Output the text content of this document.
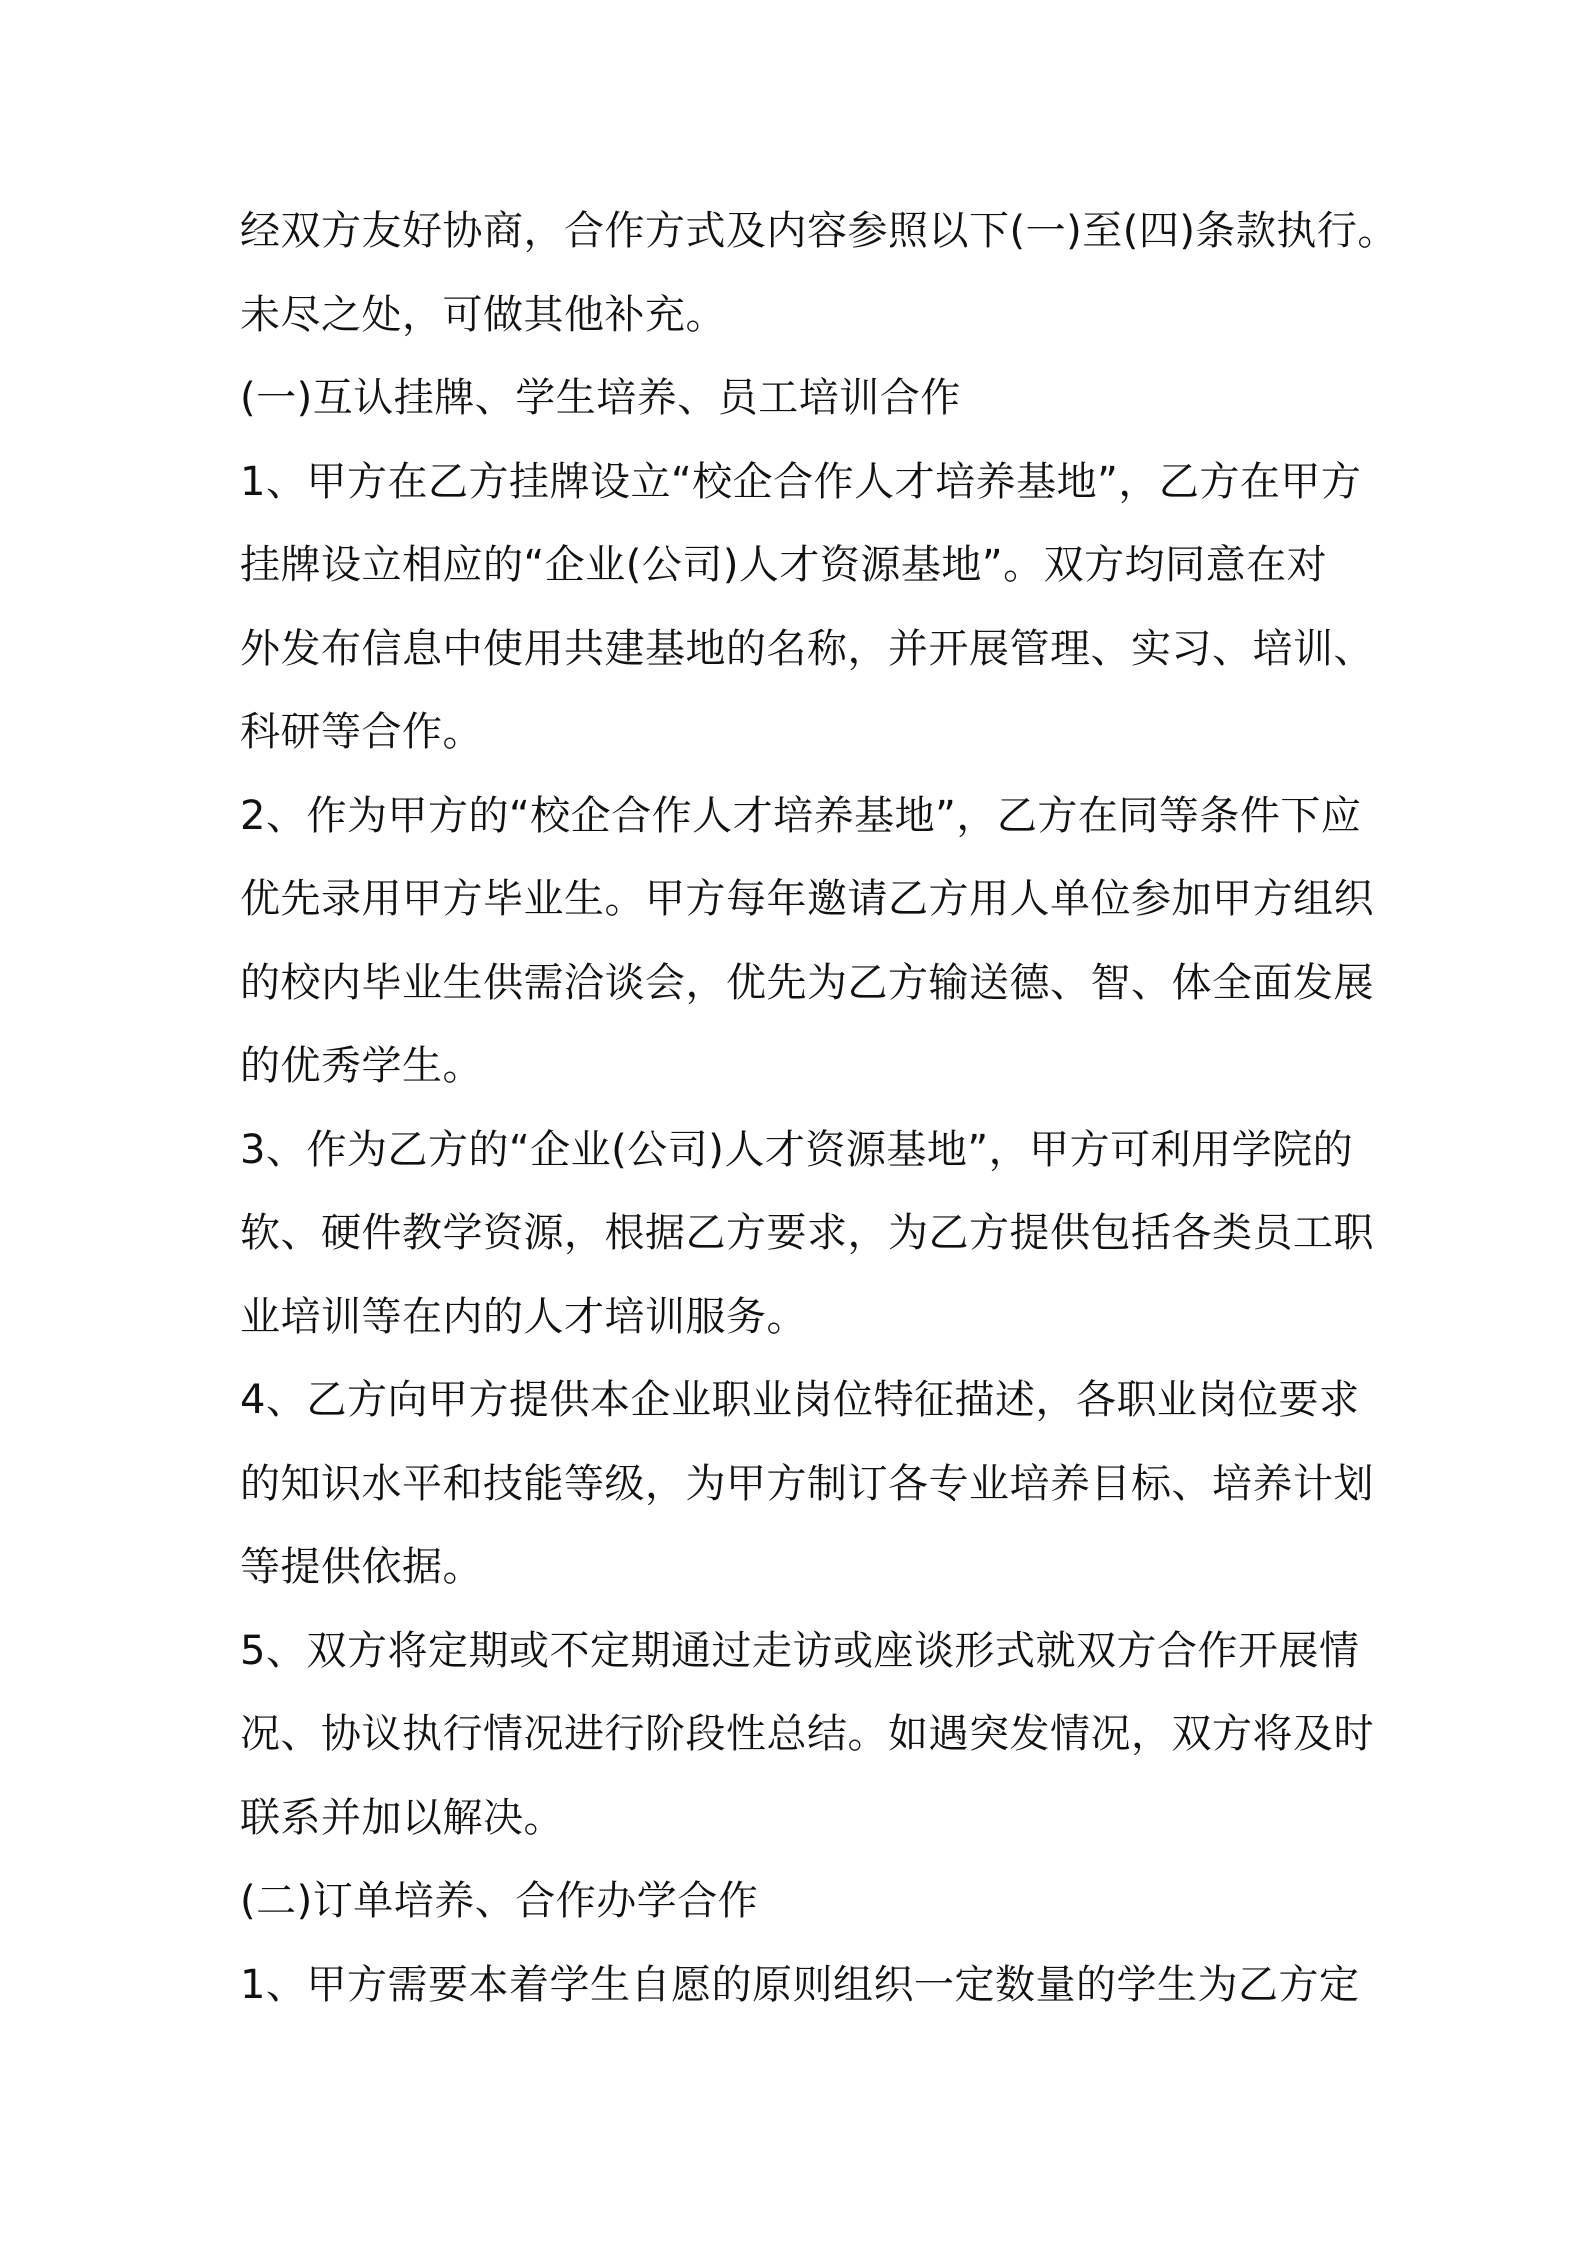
经双方友好协商，合作方式及内容参照以下(一)至(四)条款执行。
未尽之处，可做其他补充。
(一)互认挂牌、学生培养、员工培训合作
1、甲方在乙方挂牌设立“校企合作人才培养基地”，乙方在甲方
挂牌设立相应的“企业(公司)人才资源基地”。双方均同意在对
外发布信息中使用共建基地的名称，并开展管理、实习、培训、
科研等合作。
2、作为甲方的“校企合作人才培养基地”，乙方在同等条件下应
优先录用甲方毕业生。甲方每年邀请乙方用人单位参加甲方组织
的校内毕业生供需洽谈会，优先为乙方输送德、智、体全面发展
的优秀学生。
3、作为乙方的“企业(公司)人才资源基地”，甲方可利用学院的
软、硬件教学资源，根据乙方要求，为乙方提供包括各类员工职
业培训等在内的人才培训服务。
4、乙方向甲方提供本企业职业岗位特征描述，各职业岗位要求
的知识水平和技能等级，为甲方制订各专业培养目标、培养计划
等提供依据。
5、双方将定期或不定期通过走访或座谈形式就双方合作开展情
况、协议执行情况进行阶段性总结。如遇突发情况，双方将及时
联系并加以解决。
(二)订单培养、合作办学合作
1、甲方需要本着学生自愿的原则组织一定数量的学生为乙方定
